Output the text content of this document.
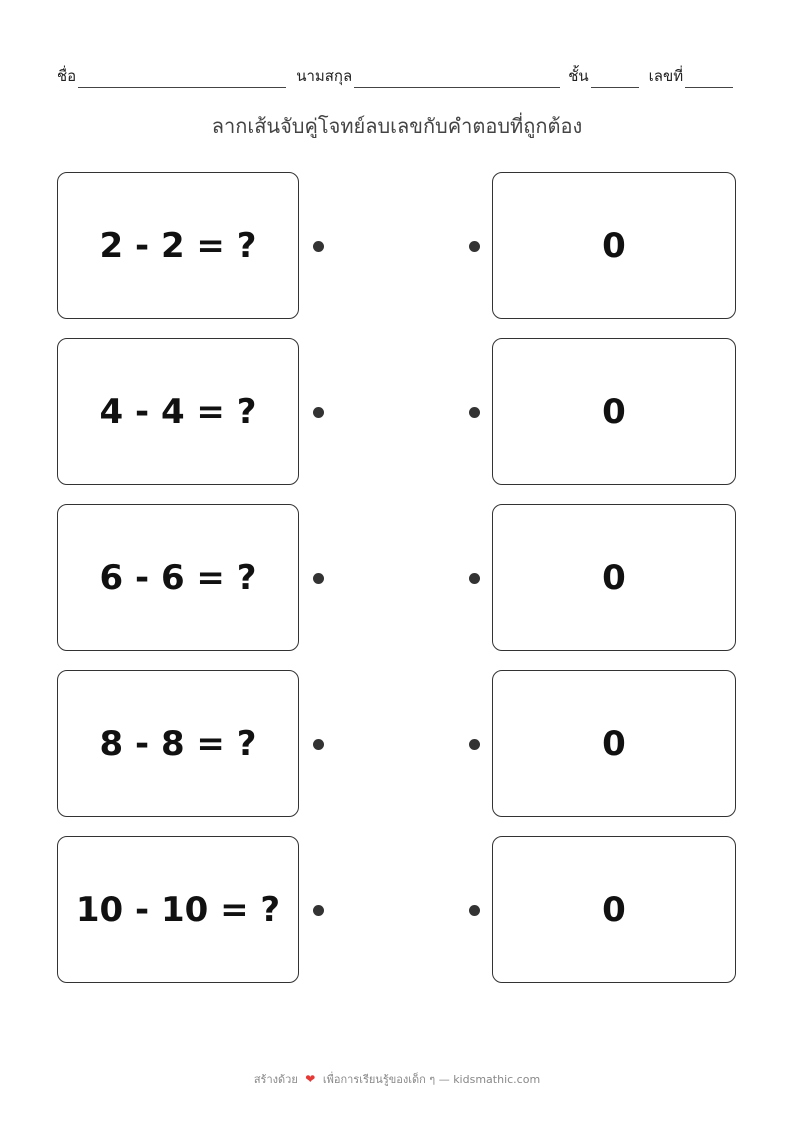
ชื่อ	นามสกุล	ชั้น	เลขที่
ลากเส้นจับคู่โจทย์ลบเลขกับคำตอบที่ถูกต้อง
2 - 2 = ?	0
4 - 4 = ?	0
6 - 6 = ?	0
8 - 8 = ?	0
10 - 10 = ?	0
สร้างด้วย ❤ เพื่อการเรียนรู้ของเด็ก ๆ — kidsmathic.com
